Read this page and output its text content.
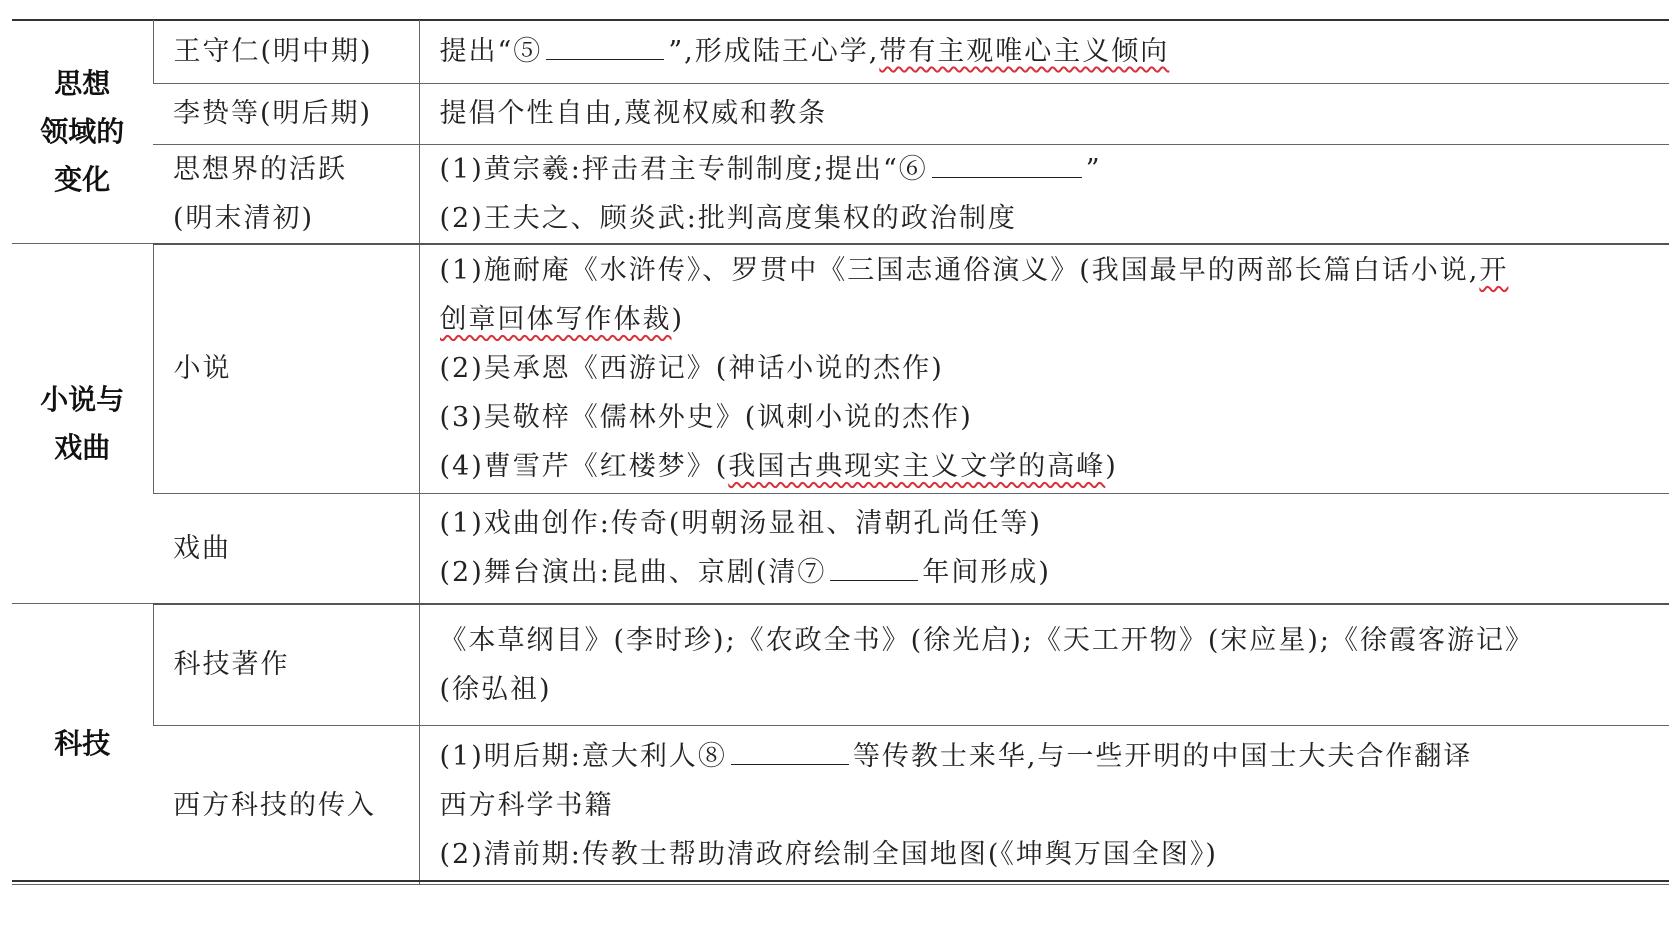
思想
领域的
变化	王守仁(明中期)	提出“⑤ ”,形成陆王心学,带有主观唯心主义倾向

	李贽等(明后期)	提倡个性自由,蔑视权威和教条

	思想界的活跃
(明末清初)	(1)黄宗羲:抨击君主专制制度;提出“⑥ ”
(2)王夫之、顾炎武:批判高度集权的政治制度

小说与
戏曲	小说	(1)施耐庵《水浒传》、罗贯中《三国志通俗演义》(我国最早的两部长篇白话小说,开
创章回体写作体裁)
(2)吴承恩《西游记》(神话小说的杰作)
(3)吴敬梓《儒林外史》(讽刺小说的杰作)
(4)曹雪芹《红楼梦》(我国古典现实主义文学的高峰)

	戏曲	(1)戏曲创作:传奇(明朝汤显祖、清朝孔尚任等)
(2)舞台演出:昆曲、京剧(清⑦ 年间形成)

科技	科技著作	《本草纲目》(李时珍);《农政全书》(徐光启);《天工开物》(宋应星);《徐霞客游记》
(徐弘祖)

	西方科技的传入	(1)明后期:意大利人⑧ 等传教士来华,与一些开明的中国士大夫合作翻译
西方科学书籍
(2)清前期:传教士帮助清政府绘制全国地图(《坤舆万国全图》)
